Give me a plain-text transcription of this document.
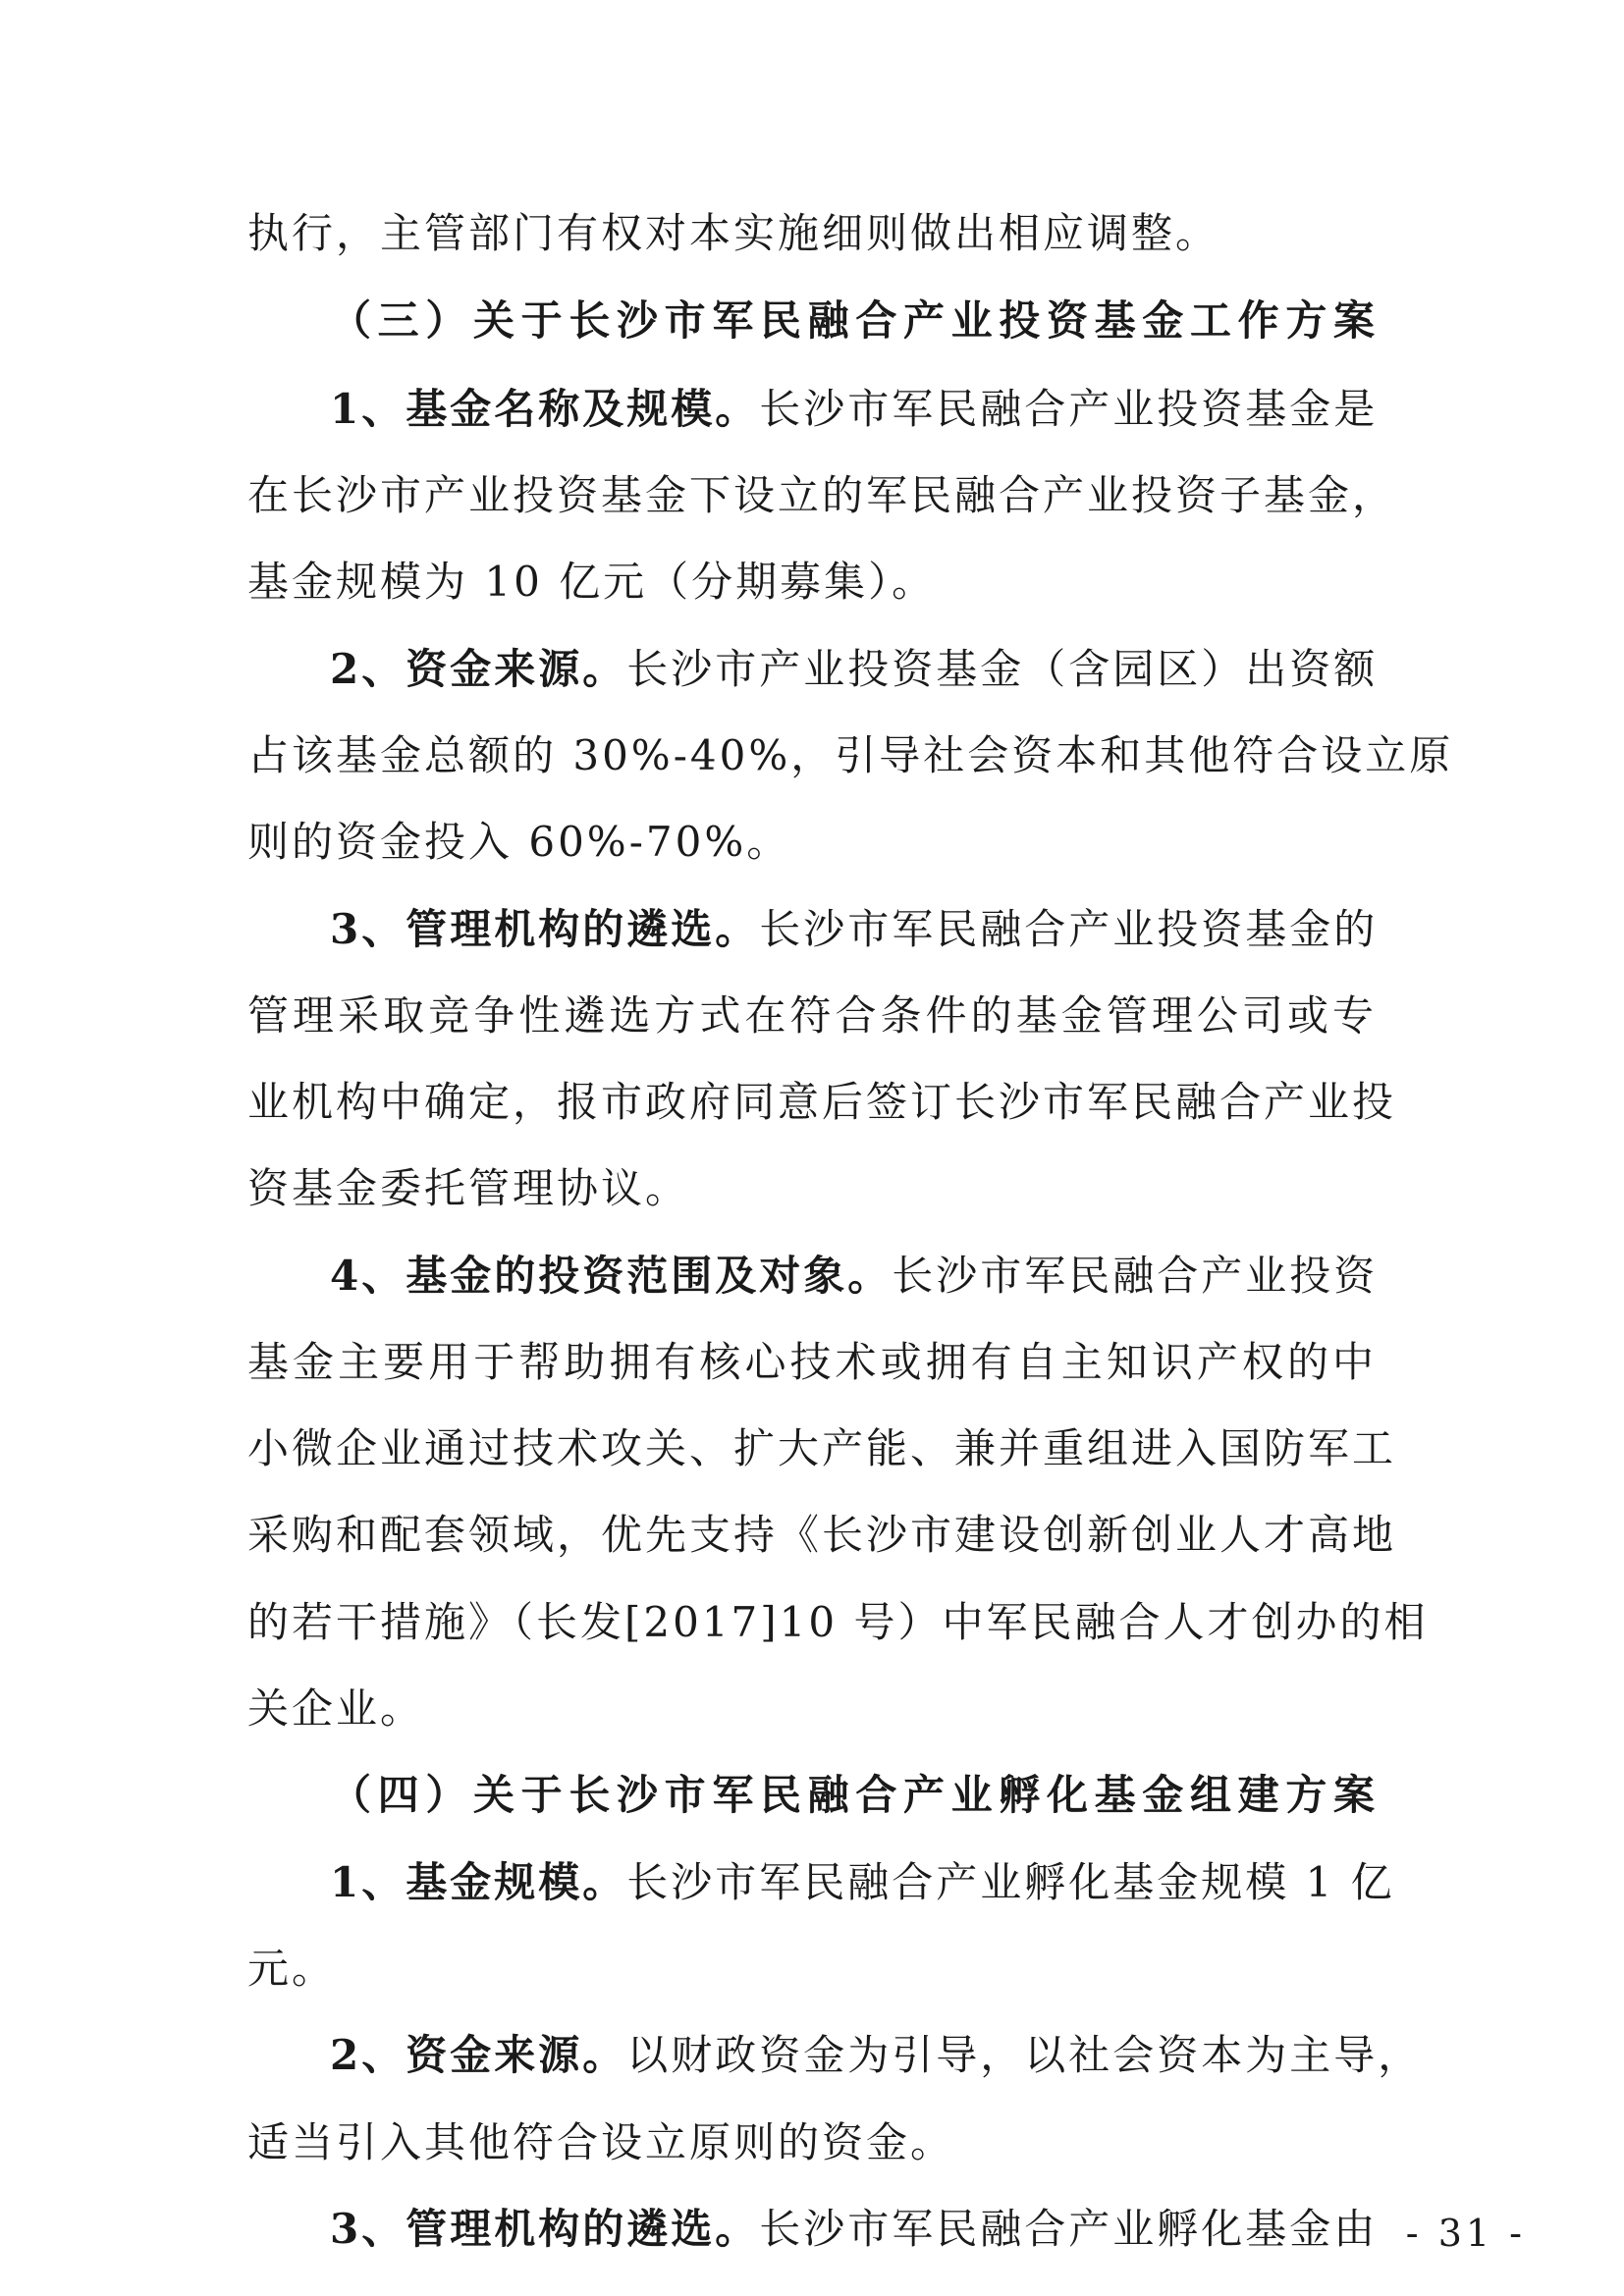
执行，主管部门有权对本实施细则做出相应调整。
（三）关于长沙市军民融合产业投资基金工作方案
1、基金名称及规模。长沙市军民融合产业投资基金是
在长沙市产业投资基金下设立的军民融合产业投资子基金，
基金规模为 10 亿元（分期募集）。
2、资金来源。长沙市产业投资基金（含园区）出资额
占该基金总额的 30%-40%，引导社会资本和其他符合设立原
则的资金投入 60%-70%。
3、管理机构的遴选。长沙市军民融合产业投资基金的
管理采取竞争性遴选方式在符合条件的基金管理公司或专
业机构中确定，报市政府同意后签订长沙市军民融合产业投
资基金委托管理协议。
4、基金的投资范围及对象。长沙市军民融合产业投资
基金主要用于帮助拥有核心技术或拥有自主知识产权的中
小微企业通过技术攻关、扩大产能、兼并重组进入国防军工
采购和配套领域，优先支持《长沙市建设创新创业人才高地
的若干措施》（长发[2017]10 号）中军民融合人才创办的相
关企业。
（四）关于长沙市军民融合产业孵化基金组建方案
1、基金规模。长沙市军民融合产业孵化基金规模 1 亿
元。
2、资金来源。以财政资金为引导，以社会资本为主导，
适当引入其他符合设立原则的资金。
3、管理机构的遴选。长沙市军民融合产业孵化基金由 - 31 -
